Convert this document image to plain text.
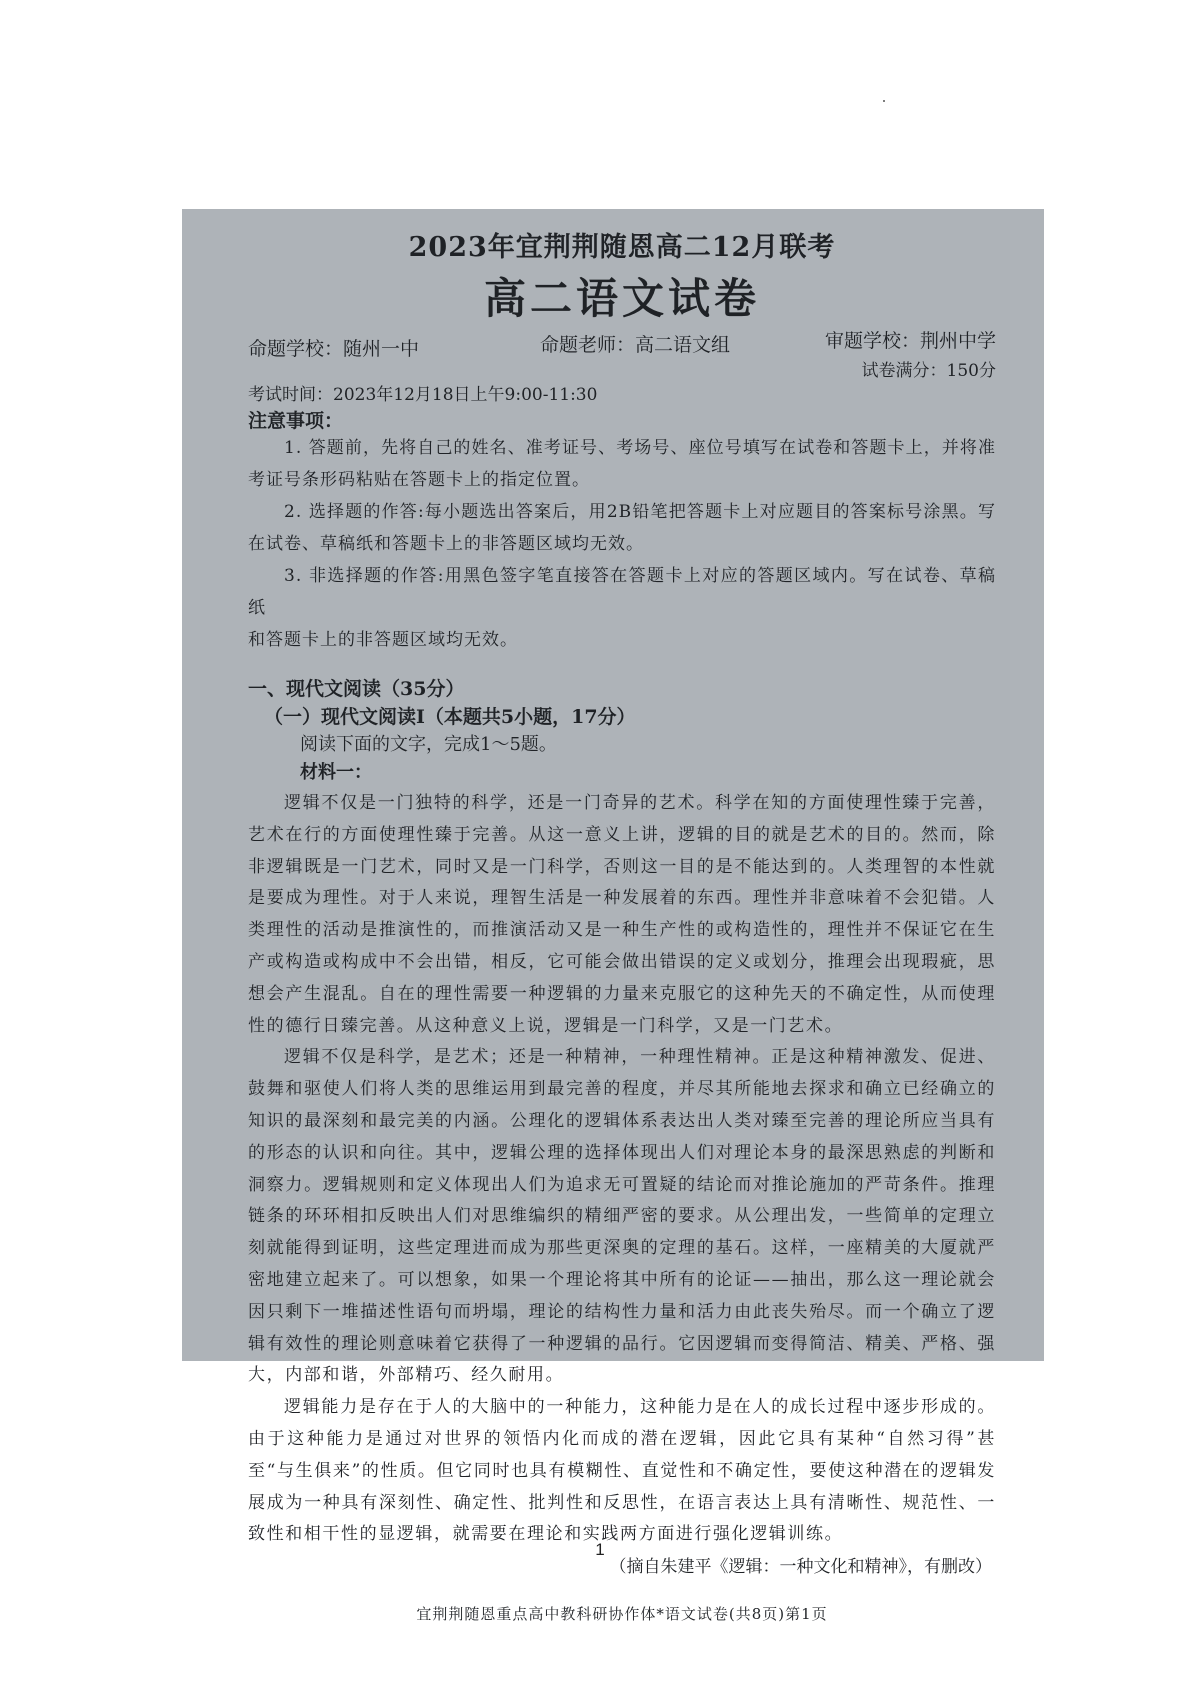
2023年宜荆荆随恩高二12月联考
高二语文试卷
命题学校：随州一中	命题老师：高二语文组	审题学校：荆州中学
试卷满分：150分
考试时间：2023年12月18日上午9:00-11:30
注意事项：
1. 答题前，先将自己的姓名、准考证号、考场号、座位号填写在试卷和答题卡上，并将准
考证号条形码粘贴在答题卡上的指定位置。
2. 选择题的作答:每小题选出答案后，用2B铅笔把答题卡上对应题目的答案标号涂黑。写
在试卷、草稿纸和答题卡上的非答题区域均无效。
3. 非选择题的作答:用黑色签字笔直接答在答题卡上对应的答题区域内。写在试卷、草稿纸
和答题卡上的非答题区域均无效。
一、现代文阅读（35分）
（一）现代文阅读Ⅰ（本题共5小题，17分）
阅读下面的文字，完成1～5题。
材料一：
逻辑不仅是一门独特的科学，还是一门奇异的艺术。科学在知的方面使理性臻于完善，艺术在行的方面使理性臻于完善。从这一意义上讲，逻辑的目的就是艺术的目的。然而，除非逻辑既是一门艺术，同时又是一门科学，否则这一目的是不能达到的。人类理智的本性就是要成为理性。对于人来说，理智生活是一种发展着的东西。理性并非意味着不会犯错。人类理性的活动是推演性的，而推演活动又是一种生产性的或构造性的，理性并不保证它在生产或构造或构成中不会出错，相反，它可能会做出错误的定义或划分，推理会出现瑕疵，思想会产生混乱。自在的理性需要一种逻辑的力量来克服它的这种先天的不确定性，从而使理性的德行日臻完善。从这种意义上说，逻辑是一门科学，又是一门艺术。
逻辑不仅是科学，是艺术；还是一种精神，一种理性精神。正是这种精神激发、促进、鼓舞和驱使人们将人类的思维运用到最完善的程度，并尽其所能地去探求和确立已经确立的知识的最深刻和最完美的内涵。公理化的逻辑体系表达出人类对臻至完善的理论所应当具有的形态的认识和向往。其中，逻辑公理的选择体现出人们对理论本身的最深思熟虑的判断和洞察力。逻辑规则和定义体现出人们为追求无可置疑的结论而对推论施加的严苛条件。推理链条的环环相扣反映出人们对思维编织的精细严密的要求。从公理出发，一些简单的定理立刻就能得到证明，这些定理进而成为那些更深奥的定理的基石。这样，一座精美的大厦就严密地建立起来了。可以想象，如果一个理论将其中所有的论证——抽出，那么这一理论就会因只剩下一堆描述性语句而坍塌，理论的结构性力量和活力由此丧失殆尽。而一个确立了逻辑有效性的理论则意味着它获得了一种逻辑的品行。它因逻辑而变得简洁、精美、严格、强大，内部和谐，外部精巧、经久耐用。
逻辑能力是存在于人的大脑中的一种能力，这种能力是在人的成长过程中逐步形成的。由于这种能力是通过对世界的领悟内化而成的潜在逻辑，因此它具有某种“自然习得”甚至“与生俱来”的性质。但它同时也具有模糊性、直觉性和不确定性，要使这种潜在的逻辑发展成为一种具有深刻性、确定性、批判性和反思性，在语言表达上具有清晰性、规范性、一致性和相干性的显逻辑，就需要在理论和实践两方面进行强化逻辑训练。
（摘自朱建平《逻辑：一种文化和精神》，有删改）
宜荆荆随恩重点高中教科研协作体*语文试卷(共8页)第1页
1
